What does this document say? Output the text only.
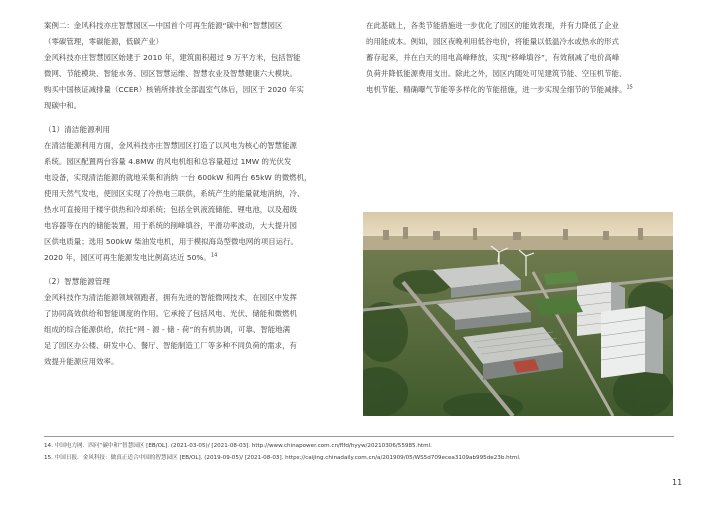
案例二：金风科技亦庄智慧园区—中国首个可再生能源“碳中和”智慧园区

（零碳管理，零碳能源，低碳产业）

金风科技亦庄智慧园区始建于 2010 年，建筑面积超过 9 万平方米，包括智能

微网、节能模块、智能水务、园区智慧运维、智慧农业及智慧健康六大模块。

购买中国核证减排量（CCER）核销所排放全部温室气体后，园区于 2020 年实

现碳中和。

（1）清洁能源利用

在清洁能源利用方面，金风科技亦庄智慧园区打造了以风电为核心的智慧能源

系统。园区配置两台容量 4.8MW 的风电机组和总容量超过 1MW 的光伏发

电设备，实现清洁能源的就地采集和消纳 一台 600kW 和两台 65kW 的微燃机，

使用天然气发电，使园区实现了冷热电三联供，系统产生的能量就地消纳，冷、

热水可直接用于楼宇供热和冷却系统；包括全钒液流储能、锂电池，以及超级

电容器等在内的储能装置，用于系统的削峰填谷，平滑功率波动，大大提升园

区供电质量；选用 500kW 柴油发电机，用于模拟海岛型微电网的项目运行。

2020 年，园区可再生能源发电比例高达近 50%。$^{14}$

（2）智慧能源管理

金风科技作为清洁能源领域领跑者，拥有先进的智能微网技术，在园区中发挥

了协同高效供给和智能调度的作用。它承接了包括风电、光伏、储能和微燃机

组成的综合能源供给，依托“网 - 源 - 储 - 荷”的有机协调，可靠、智能地满

足了园区办公楼、研发中心、餐厅、智能制造工厂等多种不同负荷的需求，有

效提升能源应用效率。

在此基础上，各类节能措施进一步优化了园区的能效表现，并有力降低了企业

的用能成本。例如，园区夜晚利用低谷电价，将能量以低温冷水或热水的形式

蓄存起来，并在白天的用电高峰释放，实现“移峰填谷”，有效削减了电价高峰

负荷并降低能源费用支出。除此之外，园区内随处可见建筑节能、空压机节能、

电机节能、精确曝气节能等多样化的节能措施，进一步实现全细节的节能减排。$^{15}$

14. 中国电力网．四问“碳中和”智慧园区 [EB/OL]. (2021-03-05)/ [2021-08-03]. http://www.chinapower.com.cn/flfd/hyyw/20210306/55985.html.
15. 中国日报．金风科技：做真正适合中国的智慧园区 [EB/OL]. (2019-09-05)/ [2021-08-03]. https://caijing.chinadaily.com.cn/a/201909/05/WS5d709ecea3109ab995de23b.html.
11
